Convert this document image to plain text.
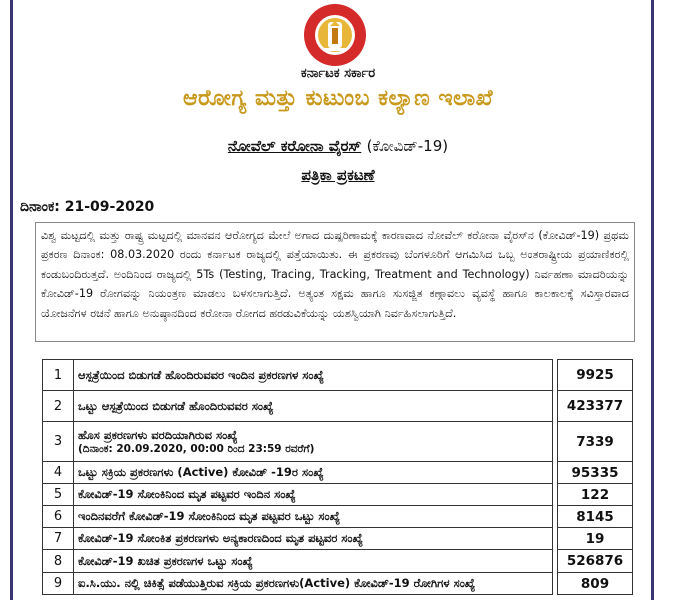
ಕರ್ನಾಟಕ ಸರ್ಕಾರ
ಆರೋಗ್ಯ ಮತ್ತು ಕುಟುಂಬ ಕಲ್ಯಾಣ ಇಲಾಖೆ
ನೋವೆಲ್ ಕರೋನಾ ವೈರಸ್ (ಕೋವಿಡ್-19)
ಪತ್ರಿಕಾ ಪ್ರಕಟಣೆ
ದಿನಾಂಕ: 21-09-2020
ವಿಶ್ವ ಮಟ್ಟದಲ್ಲಿ ಮತ್ತು ರಾಷ್ಟ್ರ ಮಟ್ಟದಲ್ಲಿ ಮಾನವನ ಆರೋಗ್ಯದ ಮೇಲೆ ಅಗಾದ ದುಷ್ಪರಿಣಾಮಕ್ಕೆ ಕಾರಣವಾದ ನೋವೆಲ್ ಕರೋನಾ ವೈರಸ್‌ನ (ಕೋವಿಡ್-19) ಪ್ರಥಮ ಪ್ರಕರಣ ದಿನಾಂಕ: 08.03.2020 ರಂದು ಕರ್ನಾಟಕ ರಾಜ್ಯದಲ್ಲಿ ಪತ್ತೆಯಾಯಿತು. ಈ ಪ್ರಕರಣವು ಬೆಂಗಳೂರಿಗೆ ಆಗಮಿಸಿದ ಒಬ್ಬ ಅಂತರಾಷ್ಟ್ರೀಯ ಪ್ರಯಾಣಿಕರಲ್ಲಿ ಕಂಡುಬಂದಿರುತ್ತದೆ. ಅಂದಿನಿಂದ ರಾಜ್ಯದಲ್ಲಿ 5Ts (Testing, Tracing, Tracking, Treatment and Technology) ನಿರ್ವಹಣಾ ಮಾದರಿಯನ್ನು ಕೋವಿಡ್-19 ರೋಗವನ್ನು ನಿಯಂತ್ರಣ ಮಾಡಲು ಬಳಸಲಾಗುತ್ತಿದೆ. ಅತ್ಯಂತ ಸಕ್ಷಮ ಹಾಗೂ ಸುಸಜ್ಜಿತ ಕಣ್ಗಾವಲು ವ್ಯವಸ್ಥೆ ಹಾಗೂ ಕಾಲಕಾಲಕ್ಕೆ ಸವಿಸ್ತಾರವಾದ ಯೋಜನೆಗಳ ರಚನೆ ಹಾಗೂ ಅನುಷ್ಠಾನದಿಂದ ಕರೋನಾ ರೋಗದ ಹರಡುವಿಕೆಯನ್ನು ಯಶಸ್ವಿಯಾಗಿ ನಿರ್ವಹಿಸಲಾಗುತ್ತಿದೆ.
1	ಆಸ್ಪತ್ರೆಯಿಂದ ಬಿಡುಗಡೆ ಹೊಂದಿರುವವರ ಇಂದಿನ ಪ್ರಕರಣಗಳ ಸಂಖ್ಯೆ		9925
2	ಒಟ್ಟು ಆಸ್ಪತ್ರೆಯಿಂದ ಬಿಡುಗಡೆ ಹೊಂದಿರುವವರ ಸಂಖ್ಯೆ		423377
3	ಹೊಸ ಪ್ರಕರಣಗಳು ವರದಿಯಾಗಿರುವ ಸಂಖ್ಯೆ
(ದಿನಾಂಕ: 20.09.2020, 00:00 ರಿಂದ 23:59 ರವರೆಗೆ)		7339
4	ಒಟ್ಟು ಸಕ್ರಿಯ ಪ್ರಕರಣಗಳು (Active) ಕೋವಿಡ್ -19ರ ಸಂಖ್ಯೆ		95335
5	ಕೋವಿಡ್-19 ಸೋಂಕಿನಿಂದ ಮೃತ ಪಟ್ಟವರ ಇಂದಿನ ಸಂಖ್ಯೆ		122
6	ಇಂದಿನವರೆಗೆ ಕೋವಿಡ್-19 ಸೋಂಕಿನಿಂದ ಮೃತ ಪಟ್ಟವರ ಒಟ್ಟು ಸಂಖ್ಯೆ		8145
7	ಕೋವಿಡ್-19 ಸೋಂಕಿತ ಪ್ರಕರಣಗಳು ಅನ್ಯಕಾರಣದಿಂದ ಮೃತ ಪಟ್ಟವರ ಸಂಖ್ಯೆ		19
8	ಕೋವಿಡ್-19 ಖಚಿತ ಪ್ರಕರಣಗಳ ಒಟ್ಟು ಸಂಖ್ಯೆ		526876
9	ಐ.ಸಿ.ಯು. ನಲ್ಲಿ ಚಿಕಿತ್ಸೆ ಪಡೆಯುತ್ತಿರುವ ಸಕ್ರಿಯ ಪ್ರಕರಣಗಳು(Active) ಕೋವಿಡ್-19 ರೋಗಿಗಳ ಸಂಖ್ಯೆ		809
